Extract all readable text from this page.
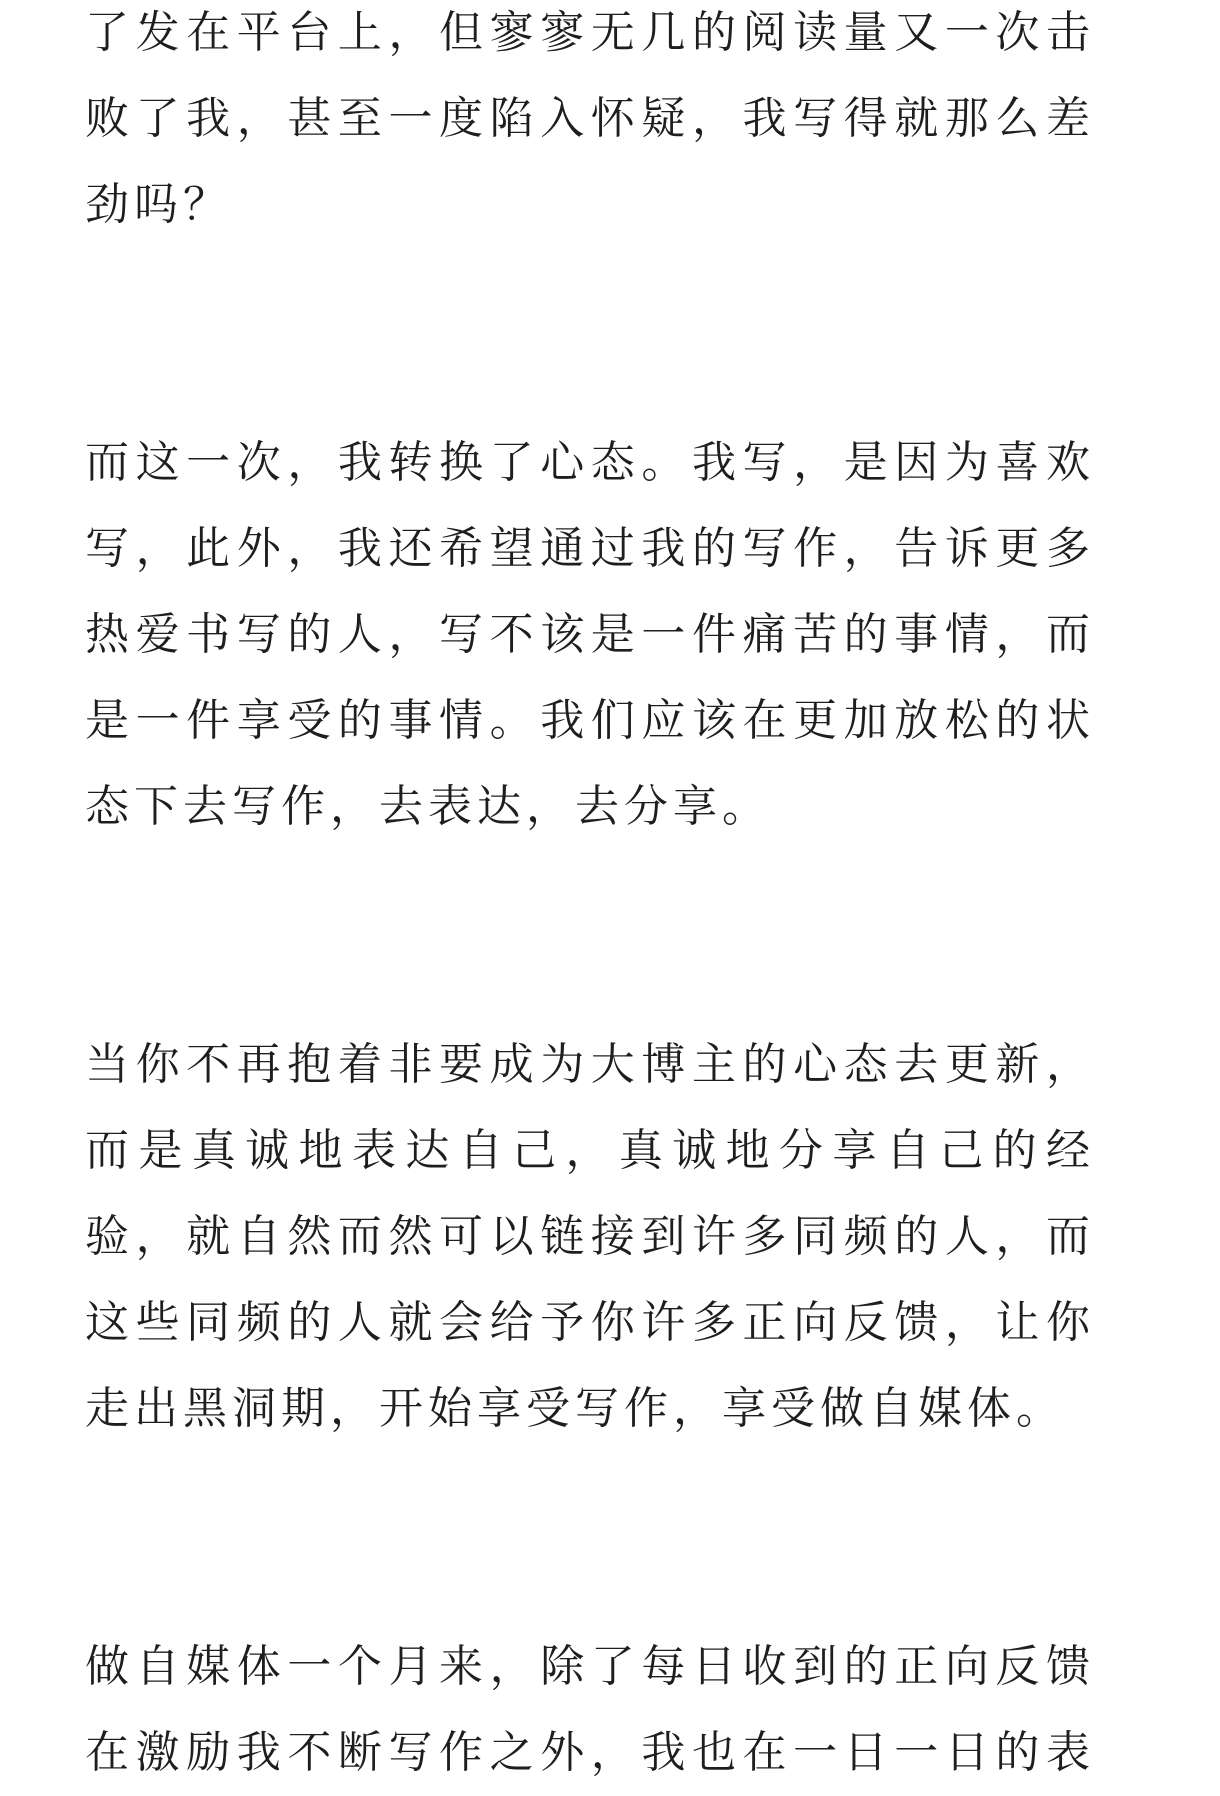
了发在平台上，但寥寥无几的阅读量又一次击
败了我，甚至一度陷入怀疑，我写得就那么差
劲吗？

而这一次，我转换了心态。我写，是因为喜欢
写，此外，我还希望通过我的写作，告诉更多
热爱书写的人，写不该是一件痛苦的事情，而
是一件享受的事情。我们应该在更加放松的状
态下去写作，去表达，去分享。

当你不再抱着非要成为大博主的心态去更新，
而是真诚地表达自己，真诚地分享自己的经
验，就自然而然可以链接到许多同频的人，而
这些同频的人就会给予你许多正向反馈，让你
走出黑洞期，开始享受写作，享受做自媒体。

做自媒体一个月来，除了每日收到的正向反馈
在激励我不断写作之外，我也在一日一日的表
